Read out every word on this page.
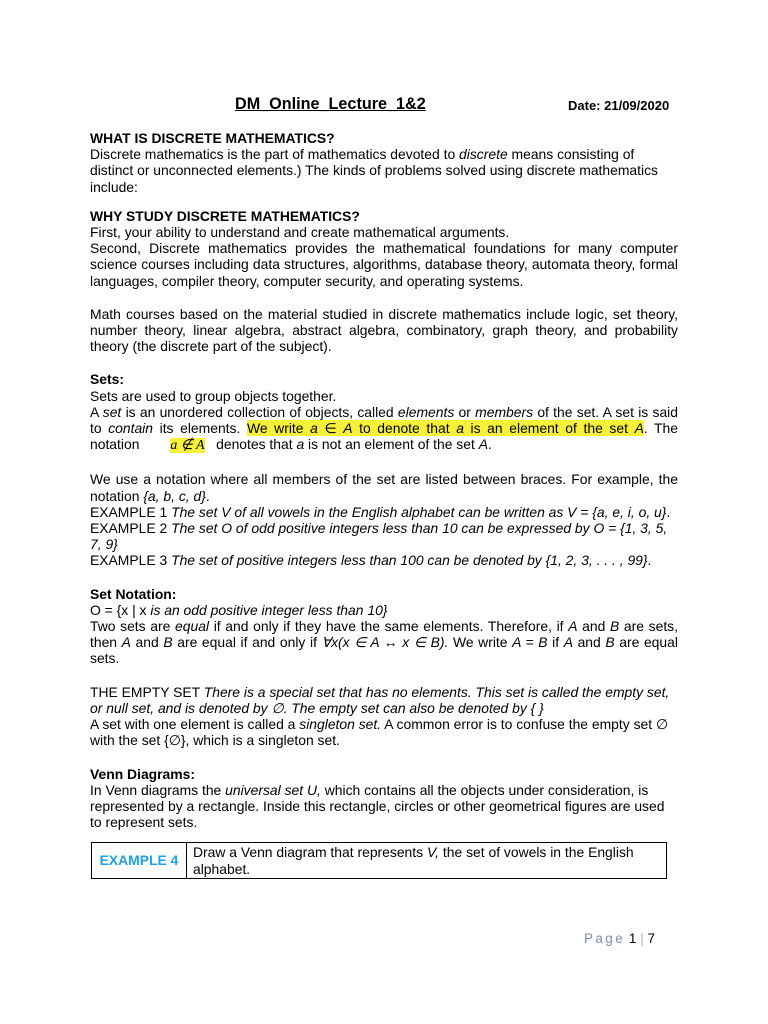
DM_Online_Lecture_1&2	Date: 21/09/2020

WHAT IS DISCRETE MATHEMATICS?

Discrete mathematics is the part of mathematics devoted to discrete means consisting of distinct or unconnected elements.) The kinds of problems solved using discrete mathematics include:

WHY STUDY DISCRETE MATHEMATICS?

First, your ability to understand and create mathematical arguments.

Second, Discrete mathematics provides the mathematical foundations for many computer science courses including data structures, algorithms, database theory, automata theory, formal languages, compiler theory, computer security, and operating systems.

Math courses based on the material studied in discrete mathematics include logic, set theory, number theory, linear algebra, abstract algebra, combinatory, graph theory, and probability theory (the discrete part of the subject).

Sets:

Sets are used to group objects together.

A set is an unordered collection of objects, called elements or members of the set. A set is said to contain its elements. We write a ∈ A to denote that a is an element of the set A. The notation a ∉ A   denotes that a is not an element of the set A.

We use a notation where all members of the set are listed between braces. For example, the notation {a, b, c, d}.

EXAMPLE 1 The set V of all vowels in the English alphabet can be written as V = {a, e, i, o, u}.

EXAMPLE 2 The set O of odd positive integers less than 10 can be expressed by O = {1, 3, 5, 7, 9}

EXAMPLE 3 The set of positive integers less than 100 can be denoted by {1, 2, 3, . . . , 99}.

Set Notation:

O = {x | x is an odd positive integer less than 10}

Two sets are equal if and only if they have the same elements. Therefore, if A and B are sets, then A and B are equal if and only if ∀x(x ∈ A ↔ x ∈ B). We write A = B if A and B are equal sets.

THE EMPTY SET There is a special set that has no elements. This set is called the empty set, or null set, and is denoted by ∅. The empty set can also be denoted by { }

A set with one element is called a singleton set. A common error is to confuse the empty set ∅ with the set {∅}, which is a singleton set.

Venn Diagrams:

In Venn diagrams the universal set U, which contains all the objects under consideration, is represented by a rectangle. Inside this rectangle, circles or other geometrical figures are used to represent sets.

EXAMPLE 4	Draw a Venn diagram that represents V, the set of vowels in the English alphabet.
Page 1 | 7
